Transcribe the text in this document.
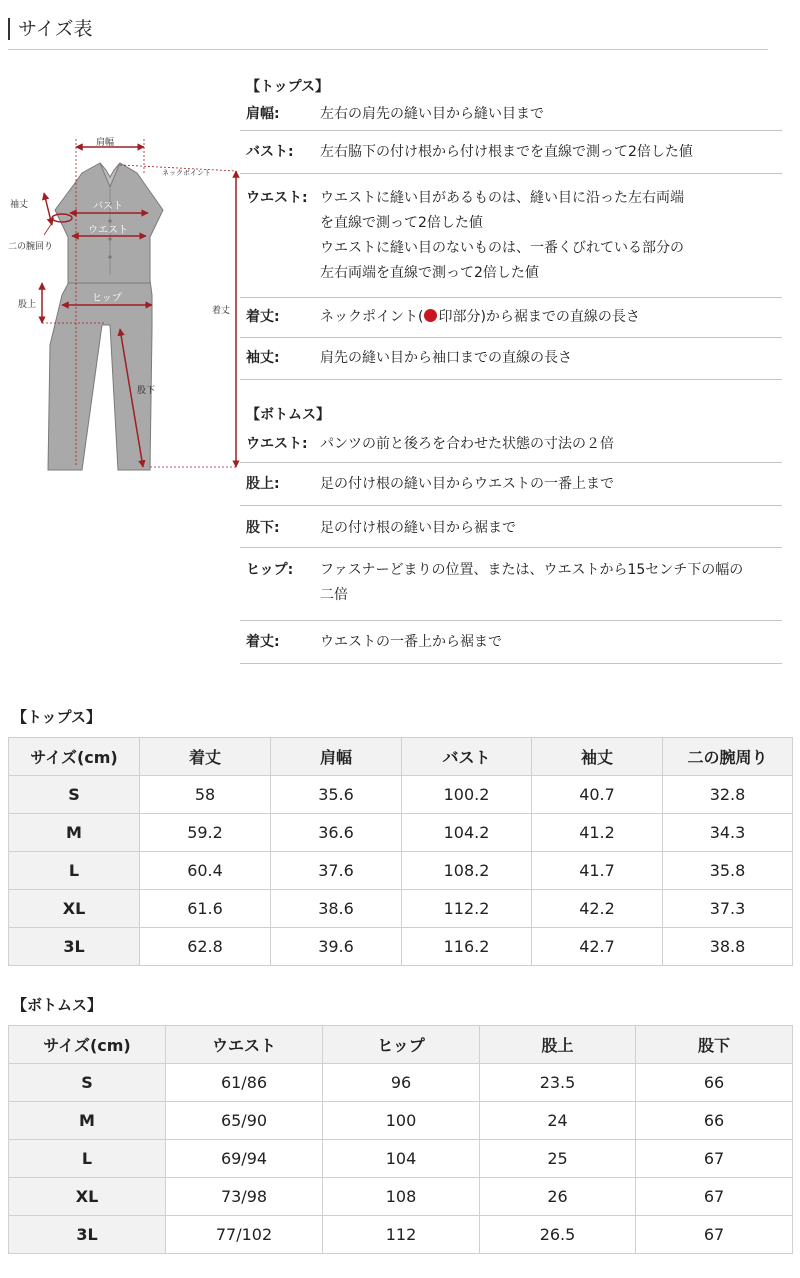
サイズ表
肩幅
ネックポイント
袖丈	バスト
ウエスト
二の腕回り
着丈
股上
ヒップ
股下
【トップス】
肩幅:	左右の肩先の縫い目から縫い目まで
バスト:	左右脇下の付け根から付け根までを直線で測って2倍した値
ウエスト: ウエストに縫い目があるものは、縫い目に沿った左右両端
を直線で測って2倍した値
ウエストに縫い目のないものは、一番くびれている部分の
左右両端を直線で測って2倍した値
着丈:	ネックポイント( 印部分)から裾までの直線の長さ
袖丈:	肩先の縫い目から袖口までの直線の長さ
【ボトムス】
ウエスト: パンツの前と後ろを合わせた状態の寸法の２倍
股上:	足の付け根の縫い目からウエストの一番上まで
股下:	足の付け根の縫い目から裾まで
ヒップ:	ファスナーどまりの位置、または、ウエストから15センチ下の幅の
二倍
着丈:	ウエストの一番上から裾まで
【トップス】
サイズ(cm)	着丈	肩幅	バスト	袖丈	二の腕周り
S	58	35.6	100.2	40.7	32.8
M	59.2	36.6	104.2	41.2	34.3
L	60.4	37.6	108.2	41.7	35.8
XL	61.6	38.6	112.2	42.2	37.3
3L	62.8	39.6	116.2	42.7	38.8
【ボトムス】
サイズ(cm)	ウエスト	ヒップ	股上	股下
S	61/86	96	23.5	66
M	65/90	100	24	66
L	69/94	104	25	67
XL	73/98	108	26	67
3L	77/102	112	26.5	67
